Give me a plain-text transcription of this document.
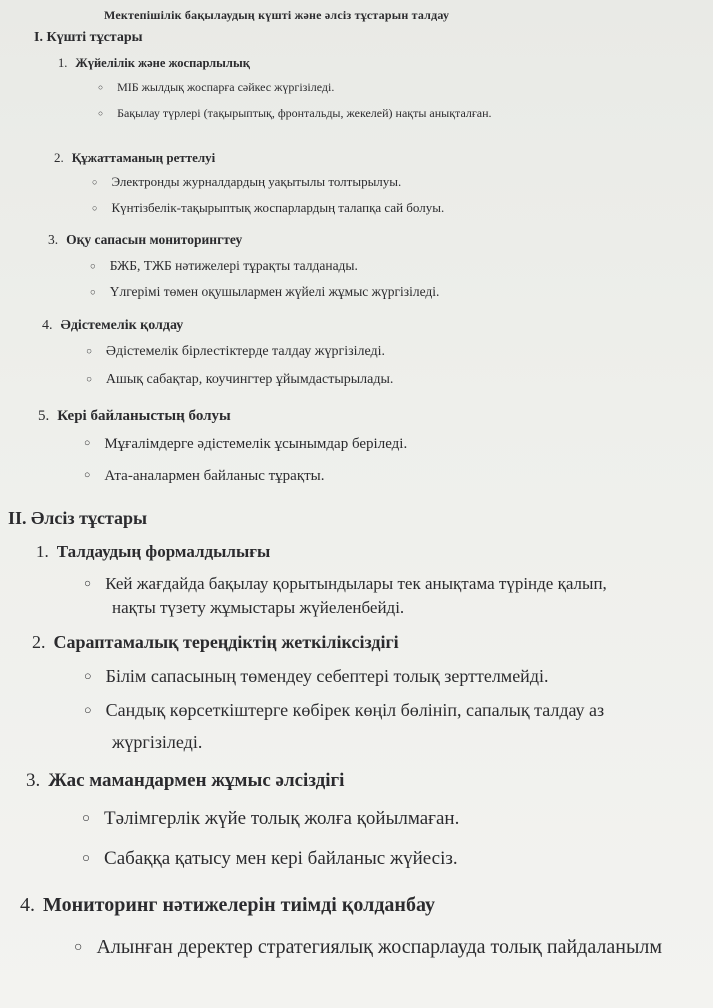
Мектепішілік бақылаудың күшті және әлсіз тұстарын талдау
I. Күшті тұстары
1. Жүйелілік және жоспарлылық
○ МІБ жылдық жоспарға сәйкес жүргізіледі.
○ Бақылау түрлері (тақырыптық, фронтальды, жекелей) нақты анықталған.
2. Құжаттаманың реттелуі
○ Электронды журналдардың уақытылы толтырылуы.
○ Күнтізбелік-тақырыптық жоспарлардың талапқа сай болуы.
3. Оқу сапасын мониторингтеу
○ БЖБ, ТЖБ нәтижелері тұрақты талданады.
○ Үлгерімі төмен оқушылармен жүйелі жұмыс жүргізіледі.
4. Әдістемелік қолдау
○ Әдістемелік бірлестіктерде талдау жүргізіледі.
○ Ашық сабақтар, коучингтер ұйымдастырылады.
5. Кері байланыстың болуы
○ Мұғалімдерге әдістемелік ұсынымдар беріледі.
○ Ата-аналармен байланыс тұрақты.
II. Әлсіз тұстары
1. Талдаудың формалдылығы
○ Кей жағдайда бақылау қорытындылары тек анықтама түрінде қалып,
нақты түзету жұмыстары жүйеленбейді.
2. Сараптамалық тереңдіктің жеткіліксіздігі
○ Білім сапасының төмендеу себептері толық зерттелмейді.
○ Сандық көрсеткіштерге көбірек көңіл бөлініп, сапалық талдау аз
жүргізіледі.
3. Жас мамандармен жұмыс әлсіздігі
○ Тәлімгерлік жүйе толық жолға қойылмаған.
○ Сабаққа қатысу мен кері байланыс жүйесіз.
4. Мониторинг нәтижелерін тиімді қолданбау
○ Алынған деректер стратегиялық жоспарлауда толық пайдаланылм
